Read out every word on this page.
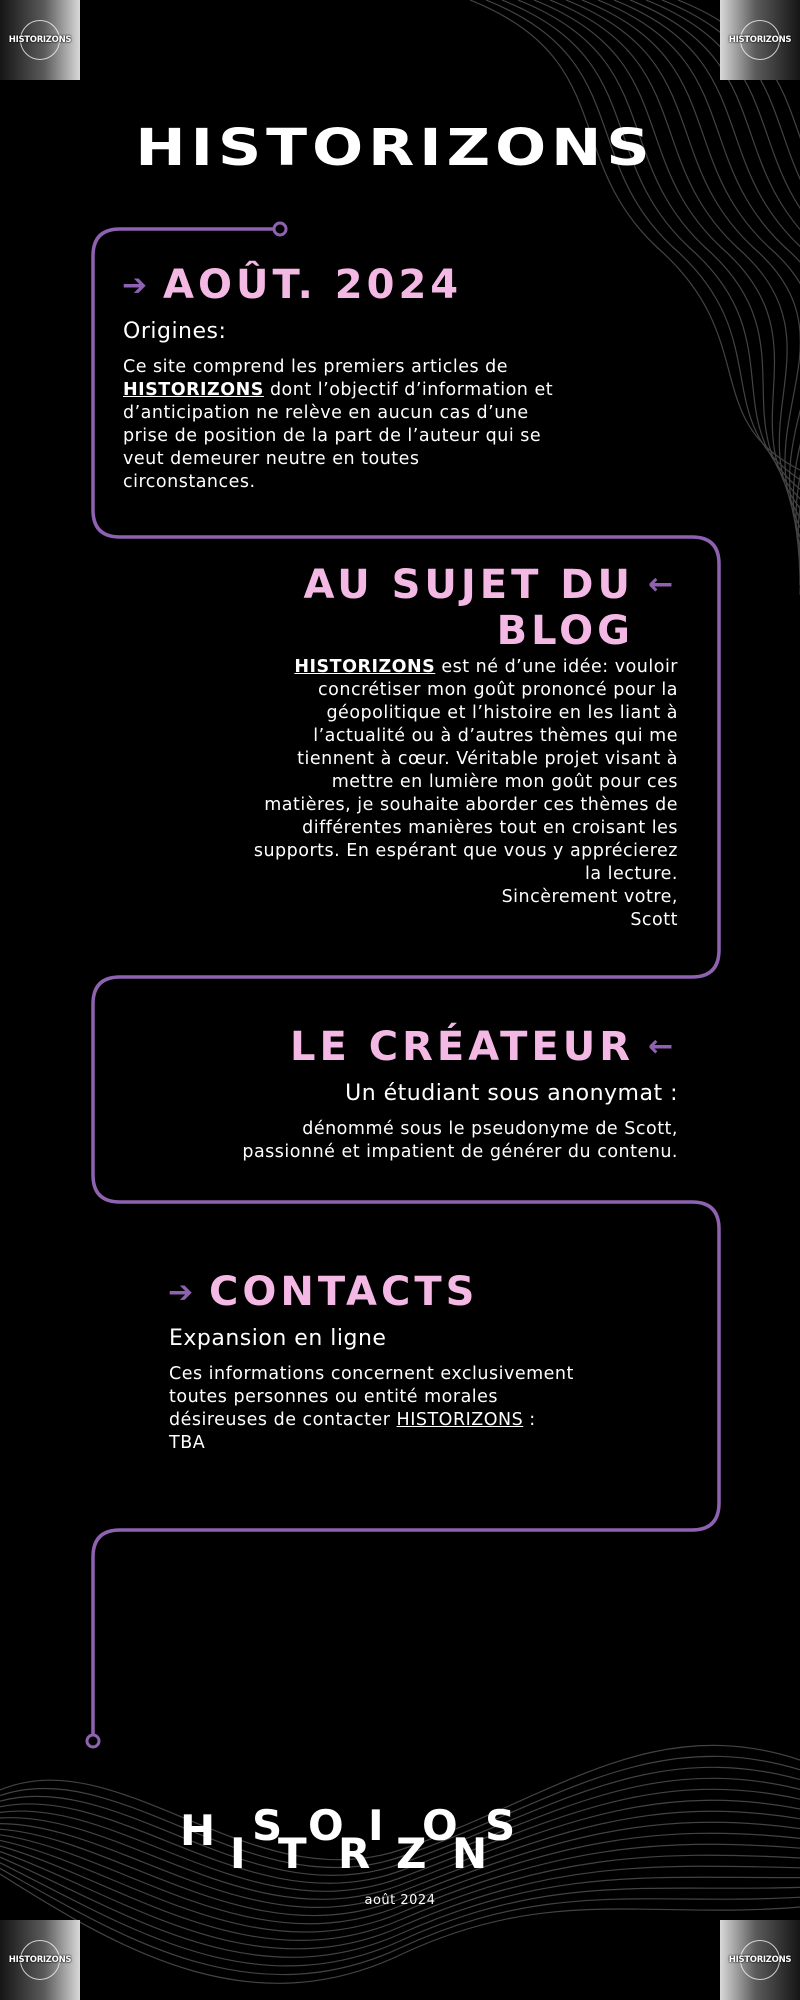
HISTORIZONS	HISTORIZONS
HISTORIZONS	HISTORIZONS
HISTORIZONS
➔ AOÛT. 2024
Origines:
Ce site comprend les premiers articles de
HISTORIZONS dont l’objectif d’information et
d’anticipation ne relève en aucun cas d’une
prise de position de la part de l’auteur qui se
veut demeurer neutre en toutes
circonstances.
AU SUJET DU
BLOG
←
HISTORIZONS est né d’une idée: vouloir
concrétiser mon goût prononcé pour la
géopolitique et l’histoire en les liant à
l’actualité ou à d’autres thèmes qui me
tiennent à cœur. Véritable projet visant à
mettre en lumière mon goût pour ces
matières, je souhaite aborder ces thèmes de
différentes manières tout en croisant les
supports. En espérant que vous y apprécierez
la lecture.
Sincèrement votre,
Scott
LE CRÉATEUR ←
Un étudiant sous anonymat :
dénommé sous le pseudonyme de Scott,
passionné et impatient de générer du contenu.
➔ CONTACTS
Expansion en ligne
Ces informations concernent exclusivement
toutes personnes ou entité morales
désireuses de contacter HISTORIZONS :
TBA
H S O I O S
I T R Z N
août 2024
